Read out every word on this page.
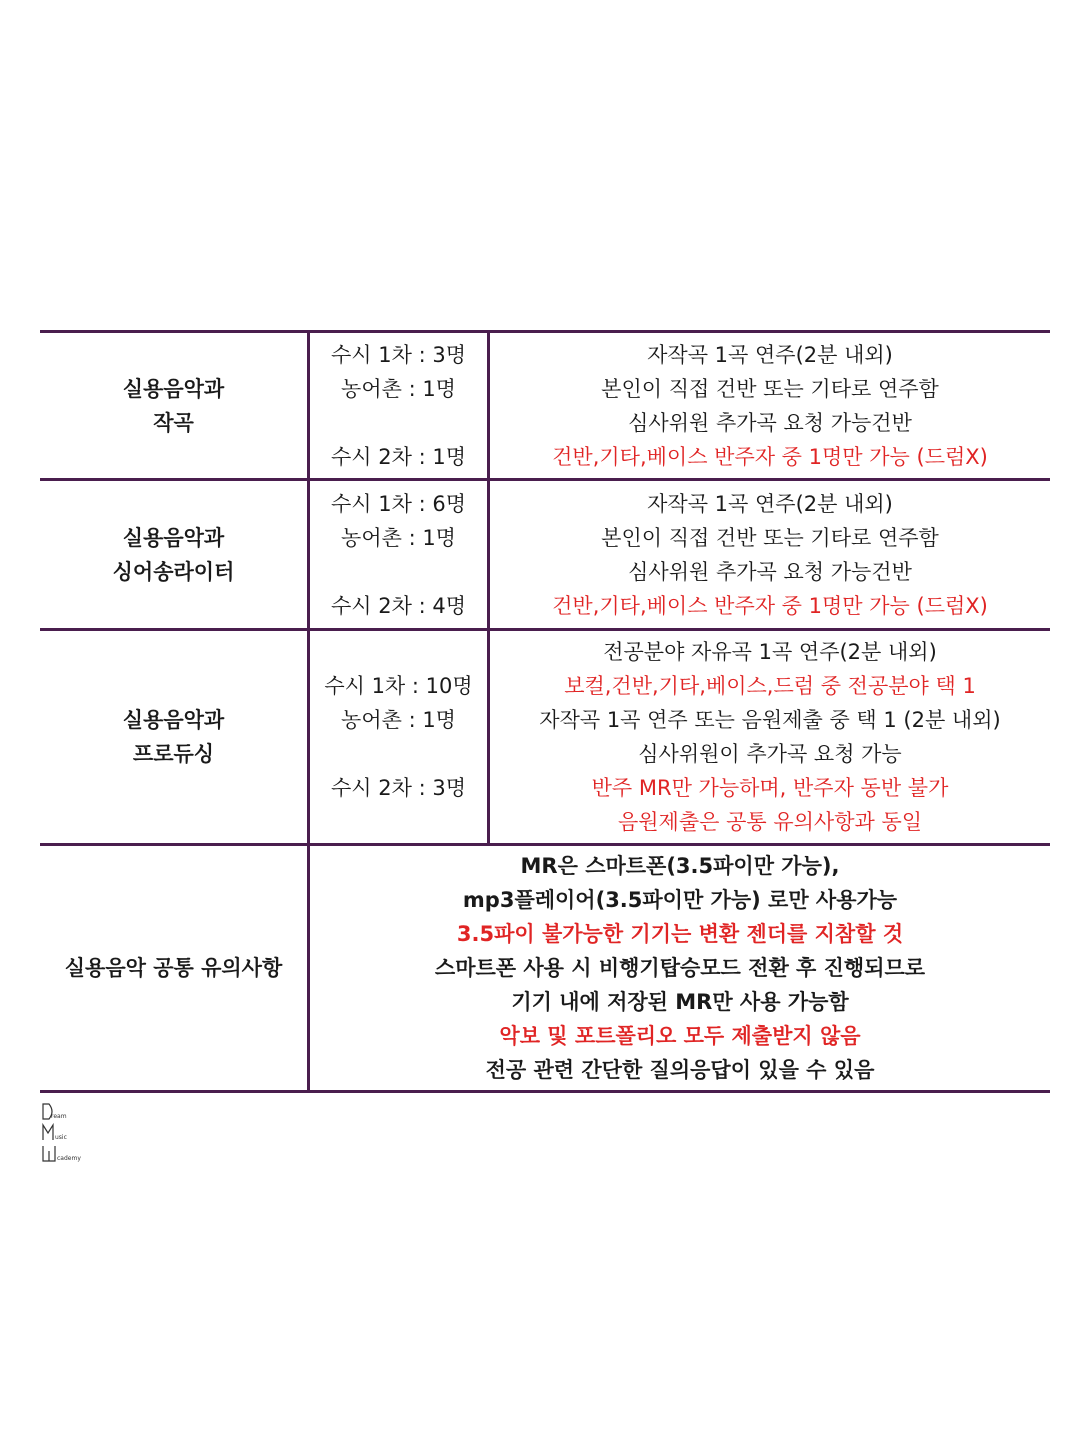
실용음악과
작곡
수시 1차 : 3명
농어촌 : 1명
수시 2차 : 1명
자작곡 1곡 연주(2분 내외)
본인이 직접 건반 또는 기타로 연주함
심사위원 추가곡 요청 가능건반
건반,기타,베이스 반주자 중 1명만 가능 (드럼X)
실용음악과
싱어송라이터
수시 1차 : 6명
농어촌 : 1명
수시 2차 : 4명
자작곡 1곡 연주(2분 내외)
본인이 직접 건반 또는 기타로 연주함
심사위원 추가곡 요청 가능건반
건반,기타,베이스 반주자 중 1명만 가능 (드럼X)
실용음악과
프로듀싱
수시 1차 : 10명
농어촌 : 1명
수시 2차 : 3명
전공분야 자유곡 1곡 연주(2분 내외)
보컬,건반,기타,베이스,드럼 중 전공분야 택 1
자작곡 1곡 연주 또는 음원제출 중 택 1 (2분 내외)
심사위원이 추가곡 요청 가능
반주 MR만 가능하며, 반주자 동반 불가
음원제출은 공통 유의사항과 동일
실용음악 공통 유의사항
MR은 스마트폰(3.5파이만 가능),
mp3플레이어(3.5파이만 가능) 로만 사용가능
3.5파이 불가능한 기기는 변환 젠더를 지참할 것
스마트폰 사용 시 비행기탑승모드 전환 후 진행되므로
기기 내에 저장된 MR만 사용 가능함
악보 및 포트폴리오 모두 제출받지 않음
전공 관련 간단한 질의응답이 있을 수 있음
ream
usic
cademy
